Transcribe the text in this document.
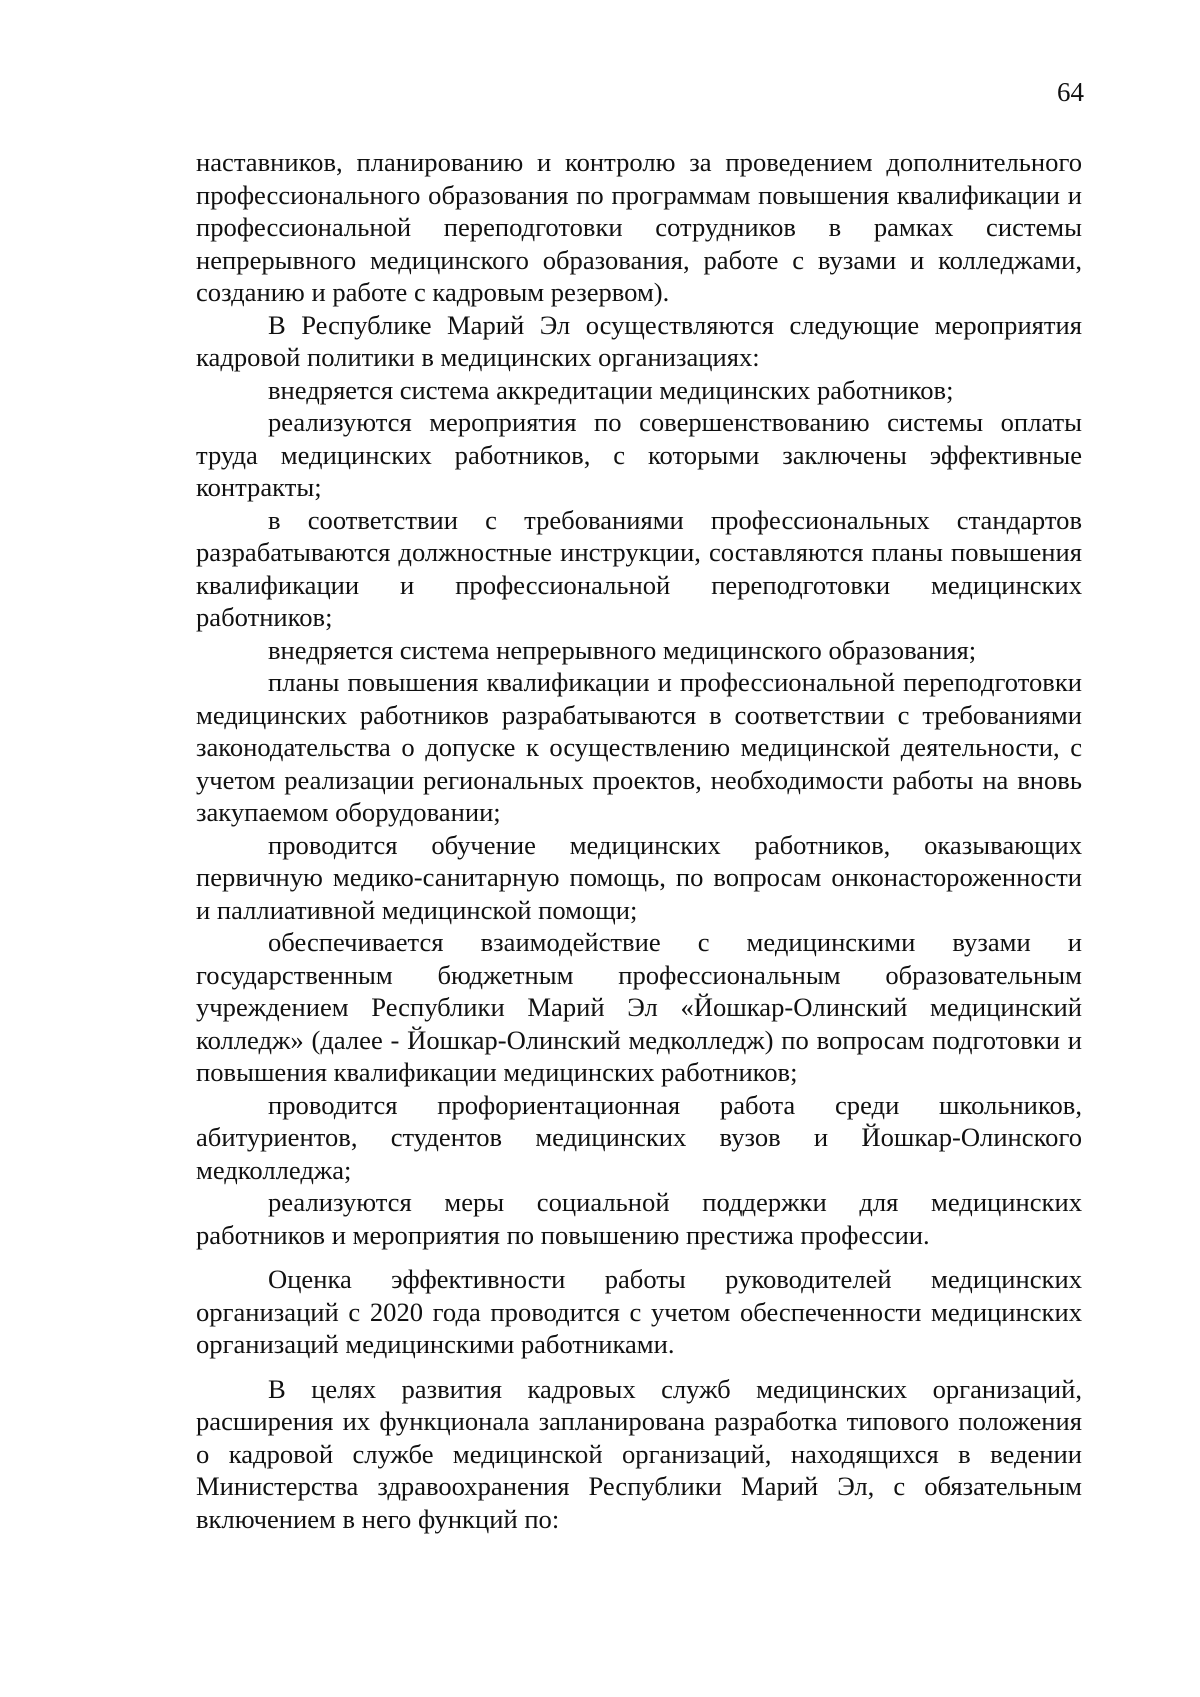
64

наставников, планированию и контролю за проведением дополнительного профессионального образования по программам повышения квалификации и профессиональной переподготовки сотрудников в рамках системы непрерывного медицинского образования, работе с вузами и колледжами, созданию и работе с кадровым резервом).

В Республике Марий Эл осуществляются следующие мероприятия кадровой политики в медицинских организациях:

внедряется система аккредитации медицинских работников;

реализуются мероприятия по совершенствованию системы оплаты труда медицинских работников, с которыми заключены эффективные контракты;

в соответствии с требованиями профессиональных стандартов разрабатываются должностные инструкции, составляются планы повышения квалификации и профессиональной переподготовки медицинских работников;

внедряется система непрерывного медицинского образования;

планы повышения квалификации и профессиональной переподготовки медицинских работников разрабатываются в соответствии с требованиями законодательства о допуске к осуществлению медицинской деятельности, с учетом реализации региональных проектов, необходимости работы на вновь закупаемом оборудовании;

проводится обучение медицинских работников, оказывающих первичную медико-санитарную помощь, по вопросам онконастороженности и паллиативной медицинской помощи;

обеспечивается взаимодействие с медицинскими вузами и государственным бюджетным профессиональным образовательным учреждением Республики Марий Эл «Йошкар-Олинский медицинский колледж» (далее - Йошкар-Олинский медколледж) по вопросам подготовки и повышения квалификации медицинских работников;

проводится профориентационная работа среди школьников, абитуриентов, студентов медицинских вузов и Йошкар-Олинского медколледжа;

реализуются меры социальной поддержки для медицинских работников и мероприятия по повышению престижа профессии.

Оценка эффективности работы руководителей медицинских организаций с 2020 года проводится с учетом обеспеченности медицинских организаций медицинскими работниками.

В целях развития кадровых служб медицинских организаций, расширения их функционала запланирована разработка типового положения о кадровой службе медицинской организаций, находящихся в ведении Министерства здравоохранения Республики Марий Эл, с обязательным включением в него функций по:
